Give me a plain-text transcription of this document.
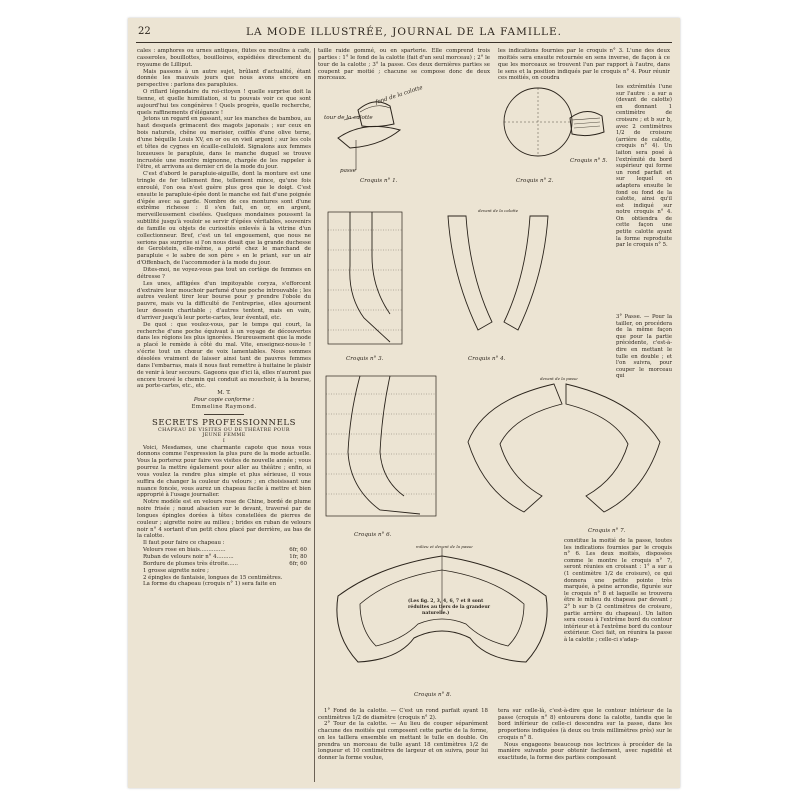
22	LA MODE ILLUSTRÉE, JOURNAL DE LA FAMILLE.

cales : amphores ou urnes antiques, flûtes ou moulins à café, casseroles, bouillottes, bouilloires, expédiées directement du royaume de Lilliput.

Mais passons à un autre sujet, brûlant d'actualité, étant donnée les mauvais jours que nous avons encore en perspective : parlons des parapluies.

O riflard légendaire du roi-citoyen ! quelle surprise doit la tienne, et quelle humiliation, si tu pouvais voir ce que sont aujourd'hui tes congénères ! Quels progrès, quelle recherche, quels raffinements d'élégance !

Jetons un regard en passant, sur les manches de bambou, au haut desquels grimacent des magots japonais ; sur ceux en bois naturels, chêne ou merisier, coiffés d'une olive terne, d'une béquille Louis XV, en or ou en vieil argent ; sur les cols et têtes de cygnes en écaille-celluloïd. Signalons aux femmes luxueuses le parapluie, dans le manche duquel se trouve incrustée une montre mignonne, chargée de les rappeler à l'être, et arrivons au dernier cri de la mode du jour.

C'est d'abord le parapluie-aiguille, dont la monture est une tringle de fer tellement fine, tellement mince, qu'une fois enroulé, l'on osa n'est guère plus gros que le doigt. C'est ensuite le parapluie-épée dont le manche est fait d'une poignée d'épée avec sa garde. Nombre de ces montures sont d'une extrême richesse : il s'en fait, en or, en argent, merveilleusement ciselées. Quelques mondaines poussent la subtilité jusqu'à vouloir se servir d'épées véritables, souvenirs de famille ou objets de curiosités enlevés à la vitrine d'un collectionneur. Bref, c'est un tel engouement, que nous ne serions pas surprise si l'on nous disait que la grande duchesse de Gerolstein, elle-même, a porté chez le marchand de parapluie « le sabre de son père » en le priant, sur un air d'Offenbach, de l'accommoder à la mode du jour.

Dites-moi, ne voyez-vous pas tout un cortège de femmes en détresse ?

Les unes, affligées d'un impitoyable coryza, s'efforcent d'extraire leur mouchoir parfumé d'une poche introuvable ; les autres veulent tirer leur bourse pour y prendre l'obole du pauvre, mais vu la difficulté de l'entreprise, elles ajournent leur dessein charitable ; d'autres tentent, mais en vain, d'arriver jusqu'à leur porte-cartes, leur éventail, etc.

De quoi : que voulez-vous, par le temps qui court, la recherche d'une poche équivaut à un voyage de découvertes dans les régions les plus ignorées. Heureusement que la mode a placé le remède à côté du mal. Vite, enseignez-nous-le ! s'écrie tout un chœur de voix lamentables. Nous sommes désolées vraiment de laisser ainsi tant de pauvres femmes dans l'embarras, mais il nous faut remettre à huitaine le plaisir de venir à leur secours. Gageons que d'ici là, elles n'auront pas encore trouvé le chemin qui conduit au mouchoir, à la bourse, au porte-cartes, etc., etc.

M. T.

Pour copie conforme :

Emmeline Raymond.

SECRETS PROFESSIONNELS

CHAPEAU DE VISITES OU DE THÉÂTRE POUR

JEUNE FEMME

I

Voici, Mesdames, une charmante capote que nous vous donnons comme l'expression la plus pure de la mode actuelle. Vous la porterez pour faire vos visites de nouvelle année ; vous pourrez la mettre également pour aller au théâtre ; enfin, si vous voulez la rendre plus simple et plus sérieuse, il vous suffira de changer la couleur du velours ; en choisissant une nuance foncée, vous aurez un chapeau facile à mettre et bien approprié à l'usage journalier.

Notre modèle est en velours rose de Chine, bordé de plume noire frisée ; nœud alsacien sur le devant, traversé par de longues épingles dorées à têtes constellées de pierres de couleur ; aigrette noire au milieu ; brides en ruban de velours noir n° 4 sortant d'un petit chou placé par derrière, au bas de la calotte.

Il faut pour faire ce chapeau :

Velours rose en biais...............	6fr, 60
Ruban de velours noir n° 4..........	1fr, 80
Bordure de plumes très étroite......	6fr, 60

1 grosse aigrette noire ;

2 épingles de fantaisie, longues de 15 centimètres.

La forme du chapeau (croquis n° 1) sera faite en

taille raide gommé, ou en sparterie. Elle comprend trois parties : 1° le fond de la calotte (fait d'un seul morceau) ; 2° le tour de la calotte ; 3° la passe. Ces deux dernières parties se coupent par moitié ; chacune se compose donc de deux morceaux.
les indications fournies par le croquis n° 3. L'une des deux moitiés sera ensuite retournée en sens inverse, de façon à ce que les morceaux se trouvent l'un par rapport à l'autre, dans le sens et la position indiqués par le croquis n° 4. Pour réunir ces moitiés, on coudra
les extrémités l'une sur l'autre : a sur a (devant de calotte) en donnant 1 centimètre de croisure ; et b sur b, avec 2 centimètres 1/2 de croisure (arrière de calotte, croquis n° 4). Un laiton sera posé à l'extrémité du bord supérieur qui forme un rond parfait et sur lequel on adaptera ensuite le fond ou fond de la calotte, ainsi qu'il est indiqué sur notre croquis n° 4. On obtiendra de cette façon une petite calotte ayant la forme reproduite par le croquis n° 5.
3° Passe. — Pour la tailler, on procédera de la même façon que pour la partie précédente, c'est-à-dire en mettant le tulle en double ; et l'on suivra, pour couper le morceau qui
constitue la moitié de la passe, toutes les indications fournies par le croquis n° 6. Les deux moitiés, disposées comme le montre le croquis n° 7, seront réunies en croisant : 1° a sur a (1 centimètre 1/2 de croisure), ce qui donnera une petite pointe très marquée, à peine arrondie, figurée sur le croquis n° 8 et laquelle se trouvera être le milieu du chapeau par devant ; 2° b sur b (2 centimètres de croisure, partie arrière du chapeau). Un laiton sera cousu à l'extrême bord du contour intérieur et à l'extrême bord du contour extérieur. Ceci fait, on réunira la passe à la calotte ; celle-ci s'adap-
tour de la calotte
fond de la calotte
passe
Croquis n° 1.	Croquis n° 2.
Croquis n° 5.
Croquis n° 3.
devant de la calotte
Croquis n° 4.
Croquis n° 6.
devant de la passe
Croquis n° 7.
milieu et devant de la passe
(Les fig. 2, 3, 4, 6, 7 et 8 sont
réduites au tiers de la grandeur
naturelle.)
Croquis n° 8.
1° Fond de la calotte. — C'est un rond parfait ayant 18 centimètres 1/2 de diamètre (croquis n° 2).
2° Tour de la calotte. — Au lieu de couper séparément chacune des moitiés qui composent cette partie de la forme, on les taillera ensemble en mettant le tulle en double. On prendra un morceau de tulle ayant 18 centimètres 1/2 de longueur et 10 centimètres de largeur et on suivra, pour lui donner la forme voulue,
tera sur celle-là, c'est-à-dire que le contour intérieur de la passe (croquis n° 8) entourera donc la calotte, tandis que le bord inférieur de celle-ci descendra sur la passe, dans les proportions indiquées (à deux ou trois millimètres près) sur le croquis n° 8.
Nous engageons beaucoup nos lectrices à procéder de la manière suivante pour obtenir facilement, avec rapidité et exactitude, la forme des parties composant
